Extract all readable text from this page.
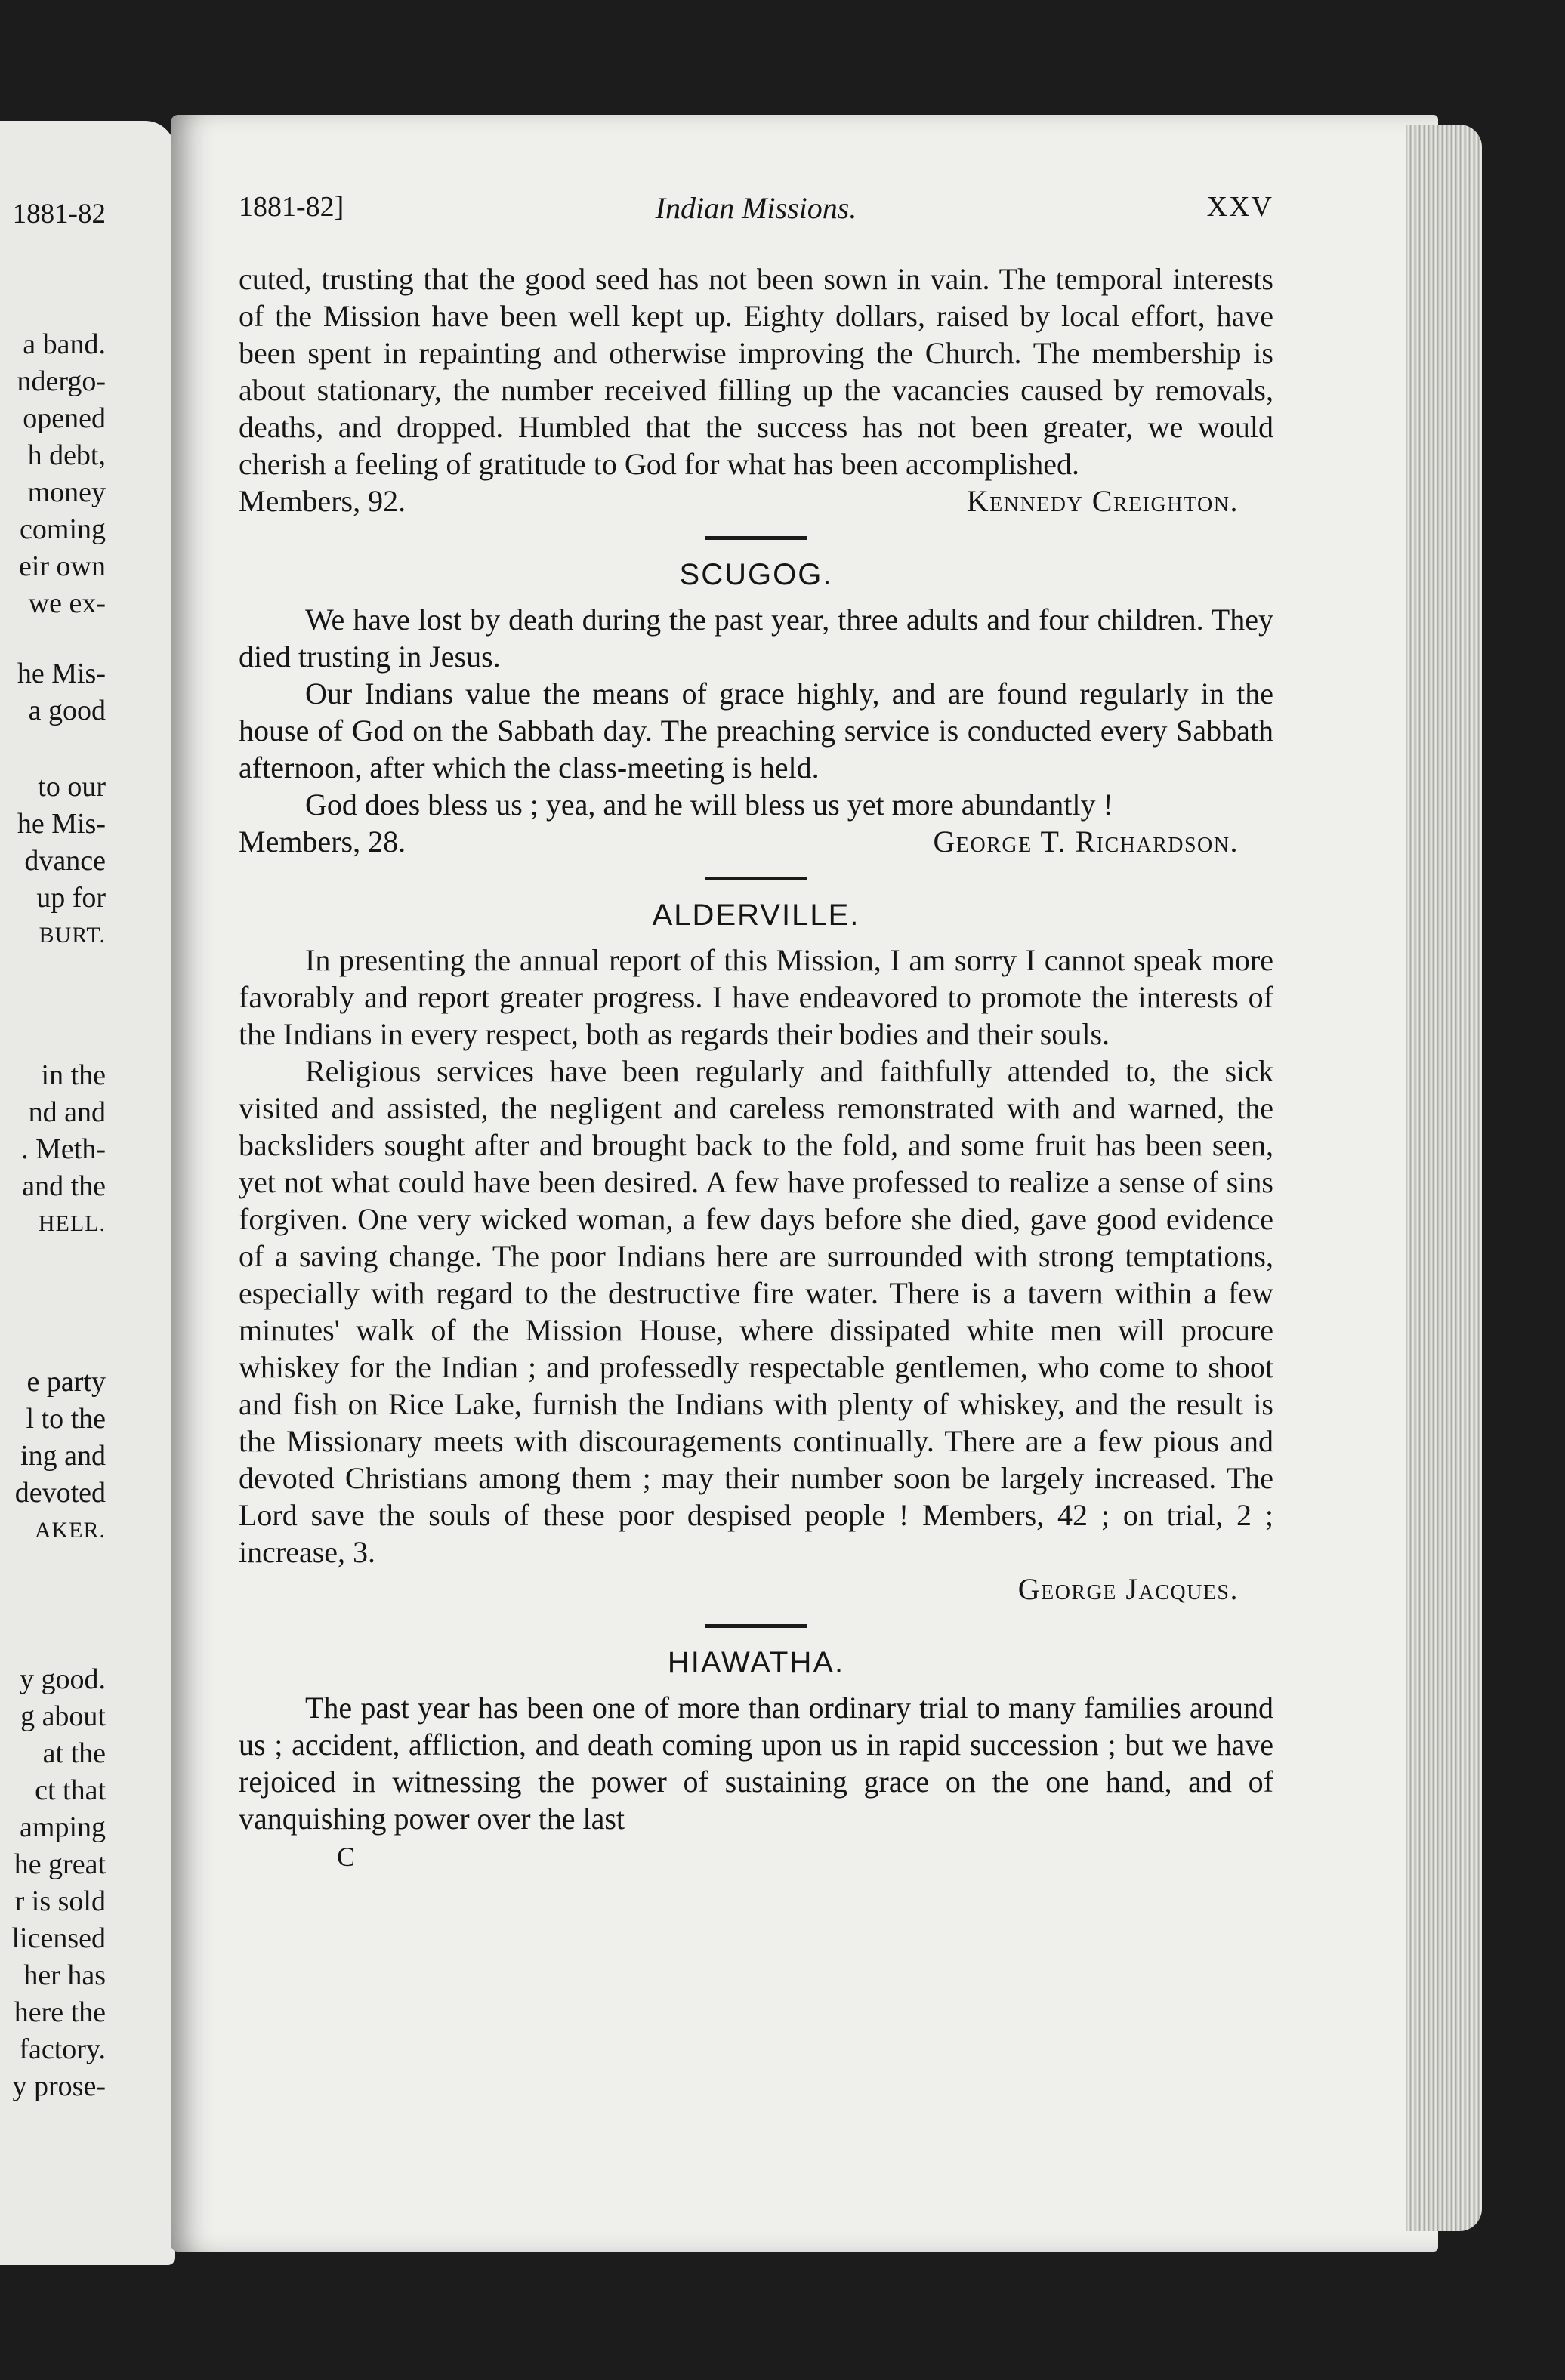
1881-82
a band.
ndergo-
opened
h debt,
money
coming
eir own
we ex-
he Mis-
a good
to our
he Mis-
dvance
up for
BURT.
in the
nd and
. Meth-
and the
HELL.
e party
l to the
ing and
devoted
AKER.
y good.
g about
at the
ct that
amping
he great
r is sold
licensed
her has
here the
factory.
y prose-
1881-82]	Indian Missions.	XXV

cuted, trusting that the good seed has not been sown in vain. The temporal interests of the Mission have been well kept up. Eighty dollars, raised by local effort, have been spent in repainting and otherwise improving the Church. The membership is about stationary, the number received filling up the vacancies caused by removals, deaths, and dropped. Humbled that the success has not been greater, we would cherish a feeling of gratitude to God for what has been accomplished.

Members, 92.	Kennedy Creighton.
SCUGOG.

We have lost by death during the past year, three adults and four children. They died trusting in Jesus.

Our Indians value the means of grace highly, and are found regularly in the house of God on the Sabbath day. The preaching service is conducted every Sabbath afternoon, after which the class-meeting is held.

God does bless us ; yea, and he will bless us yet more abundantly !

Members, 28.	George T. Richardson.
ALDERVILLE.

In presenting the annual report of this Mission, I am sorry I cannot speak more favorably and report greater progress. I have endeavored to promote the interests of the Indians in every respect, both as regards their bodies and their souls.

Religious services have been regularly and faithfully attended to, the sick visited and assisted, the negligent and careless remonstrated with and warned, the backsliders sought after and brought back to the fold, and some fruit has been seen, yet not what could have been desired. A few have professed to realize a sense of sins forgiven. One very wicked woman, a few days before she died, gave good evidence of a saving change. The poor Indians here are surrounded with strong temptations, especially with regard to the destructive fire water. There is a tavern within a few minutes' walk of the Mission House, where dissipated white men will procure whiskey for the Indian ; and professedly respectable gentlemen, who come to shoot and fish on Rice Lake, furnish the Indians with plenty of whiskey, and the result is the Missionary meets with discouragements continually. There are a few pious and devoted Christians among them ; may their number soon be largely increased. The Lord save the souls of these poor despised people ! Members, 42 ; on trial, 2 ; increase, 3.

George Jacques.
HIAWATHA.

The past year has been one of more than ordinary trial to many families around us ; accident, affliction, and death coming upon us in rapid succession ; but we have rejoiced in witnessing the power of sustaining grace on the one hand, and of vanquishing power over the last

C
